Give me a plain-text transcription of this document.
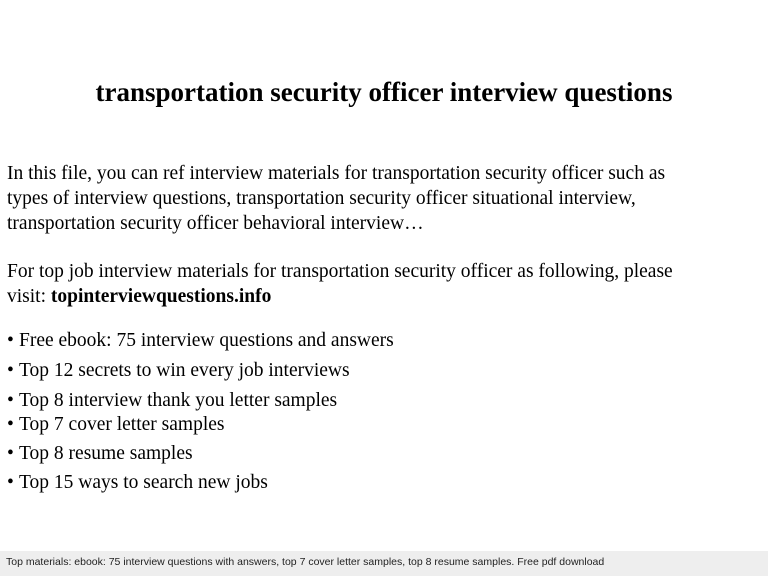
transportation security officer interview questions

In this file, you can ref interview materials for transportation security officer such as
types of interview questions, transportation security officer situational interview,
transportation security officer behavioral interview…

For top job interview materials for transportation security officer as following, please
visit: topinterviewquestions.info

• Free ebook: 75 interview questions and answers
• Top 12 secrets to win every job interviews
• Top 8 interview thank you letter samples
• Top 7 cover letter samples
• Top 8 resume samples
• Top 15 ways to search new jobs
Top materials: ebook: 75 interview questions with answers, top 7 cover letter samples, top 8 resume samples. Free pdf download
